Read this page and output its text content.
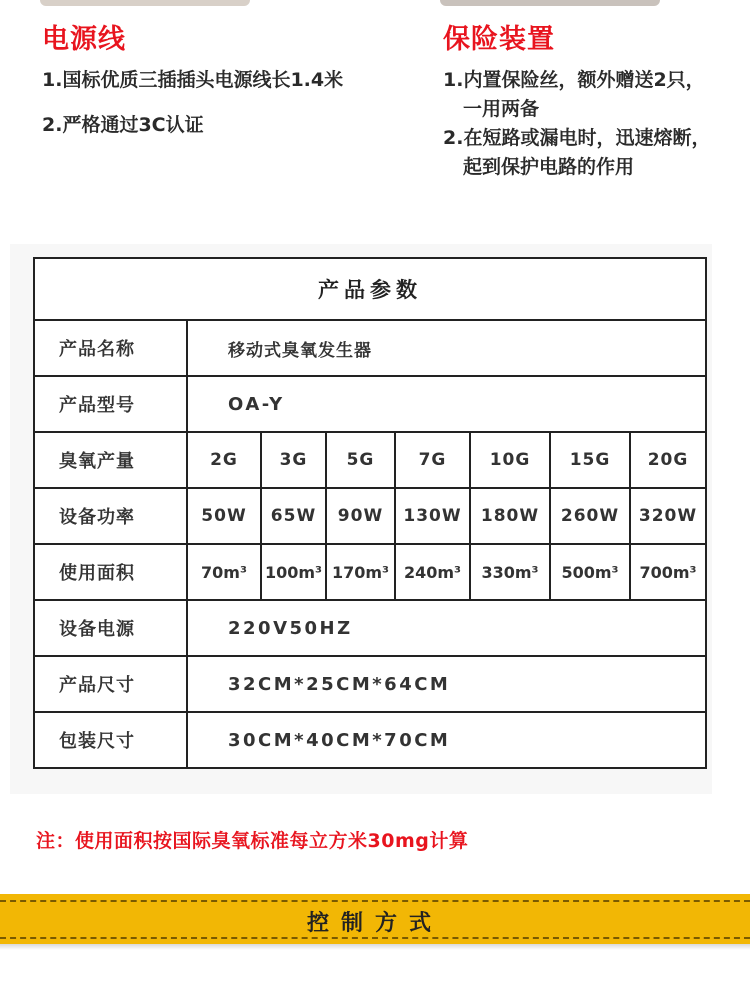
电源线

1.国标优质三插插头电源线长1.4米

2.严格通过3C认证

保险装置

1.内置保险丝，额外赠送2只，

一用两备

2.在短路或漏电时，迅速熔断，

起到保护电路的作用

产品参数							
产品名称	移动式臭氧发生器						
产品型号	OA-Y						
臭氧产量	2G	3G	5G	7G	10G	15G	20G
设备功率	50W	65W	90W	130W	180W	260W	320W
使用面积	70m³	100m³	170m³	240m³	330m³	500m³	700m³
设备电源	220V50HZ						
产品尺寸	32CM*25CM*64CM						
包装尺寸	30CM*40CM*70CM						
注：使用面积按国际臭氧标准每立方米30mg计算
控制方式
